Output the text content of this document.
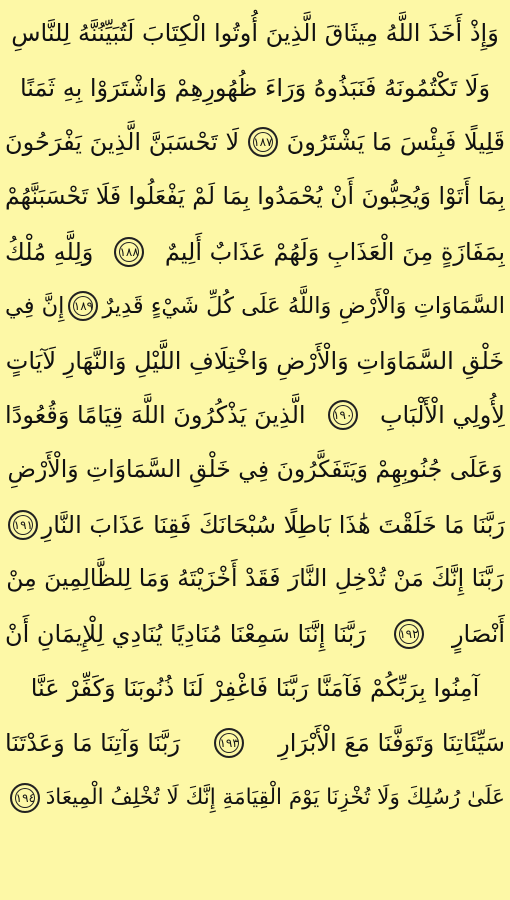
وَإِذْ أَخَذَ اللَّهُ مِيثَاقَ الَّذِينَ أُوتُوا الْكِتَابَ لَتُبَيِّنُنَّهُ لِلنَّاسِ
وَلَا تَكْتُمُونَهُ فَنَبَذُوهُ وَرَاءَ ظُهُورِهِمْ وَاشْتَرَوْا بِهِ ثَمَنًا
قَلِيلًا فَبِئْسَ مَا يَشْتَرُونَ
١٨٧
لَا تَحْسَبَنَّ الَّذِينَ يَفْرَحُونَ
بِمَا أَتَوْا وَيُحِبُّونَ أَنْ يُحْمَدُوا بِمَا لَمْ يَفْعَلُوا فَلَا تَحْسَبَنَّهُمْ
بِمَفَازَةٍ مِنَ الْعَذَابِ وَلَهُمْ عَذَابٌ أَلِيمٌ
١٨٨
وَلِلَّهِ مُلْكُ
السَّمَاوَاتِ وَالْأَرْضِ وَاللَّهُ عَلَى كُلِّ شَيْءٍ قَدِيرٌ
١٨٩
إِنَّ فِي
خَلْقِ السَّمَاوَاتِ وَالْأَرْضِ وَاخْتِلَافِ اللَّيْلِ وَالنَّهَارِ لَآيَاتٍ
لِأُولِي الْأَلْبَابِ
١٩٠
الَّذِينَ يَذْكُرُونَ اللَّهَ قِيَامًا وَقُعُودًا
وَعَلَى جُنُوبِهِمْ وَيَتَفَكَّرُونَ فِي خَلْقِ السَّمَاوَاتِ وَالْأَرْضِ
رَبَّنَا مَا خَلَقْتَ هَٰذَا بَاطِلًا سُبْحَانَكَ فَقِنَا عَذَابَ النَّارِ
١٩١
رَبَّنَا إِنَّكَ مَنْ تُدْخِلِ النَّارَ فَقَدْ أَخْزَيْتَهُ وَمَا لِلظَّالِمِينَ مِنْ
أَنْصَارٍ
١٩٢
رَبَّنَا إِنَّنَا سَمِعْنَا مُنَادِيًا يُنَادِي لِلْإِيمَانِ أَنْ
آمِنُوا بِرَبِّكُمْ فَآمَنَّا رَبَّنَا فَاغْفِرْ لَنَا ذُنُوبَنَا وَكَفِّرْ عَنَّا
سَيِّئَاتِنَا وَتَوَفَّنَا مَعَ الْأَبْرَارِ
١٩٣
رَبَّنَا وَآتِنَا مَا وَعَدْتَنَا
عَلَىٰ رُسُلِكَ وَلَا تُخْزِنَا يَوْمَ الْقِيَامَةِ إِنَّكَ لَا تُخْلِفُ الْمِيعَادَ
١٩٤
